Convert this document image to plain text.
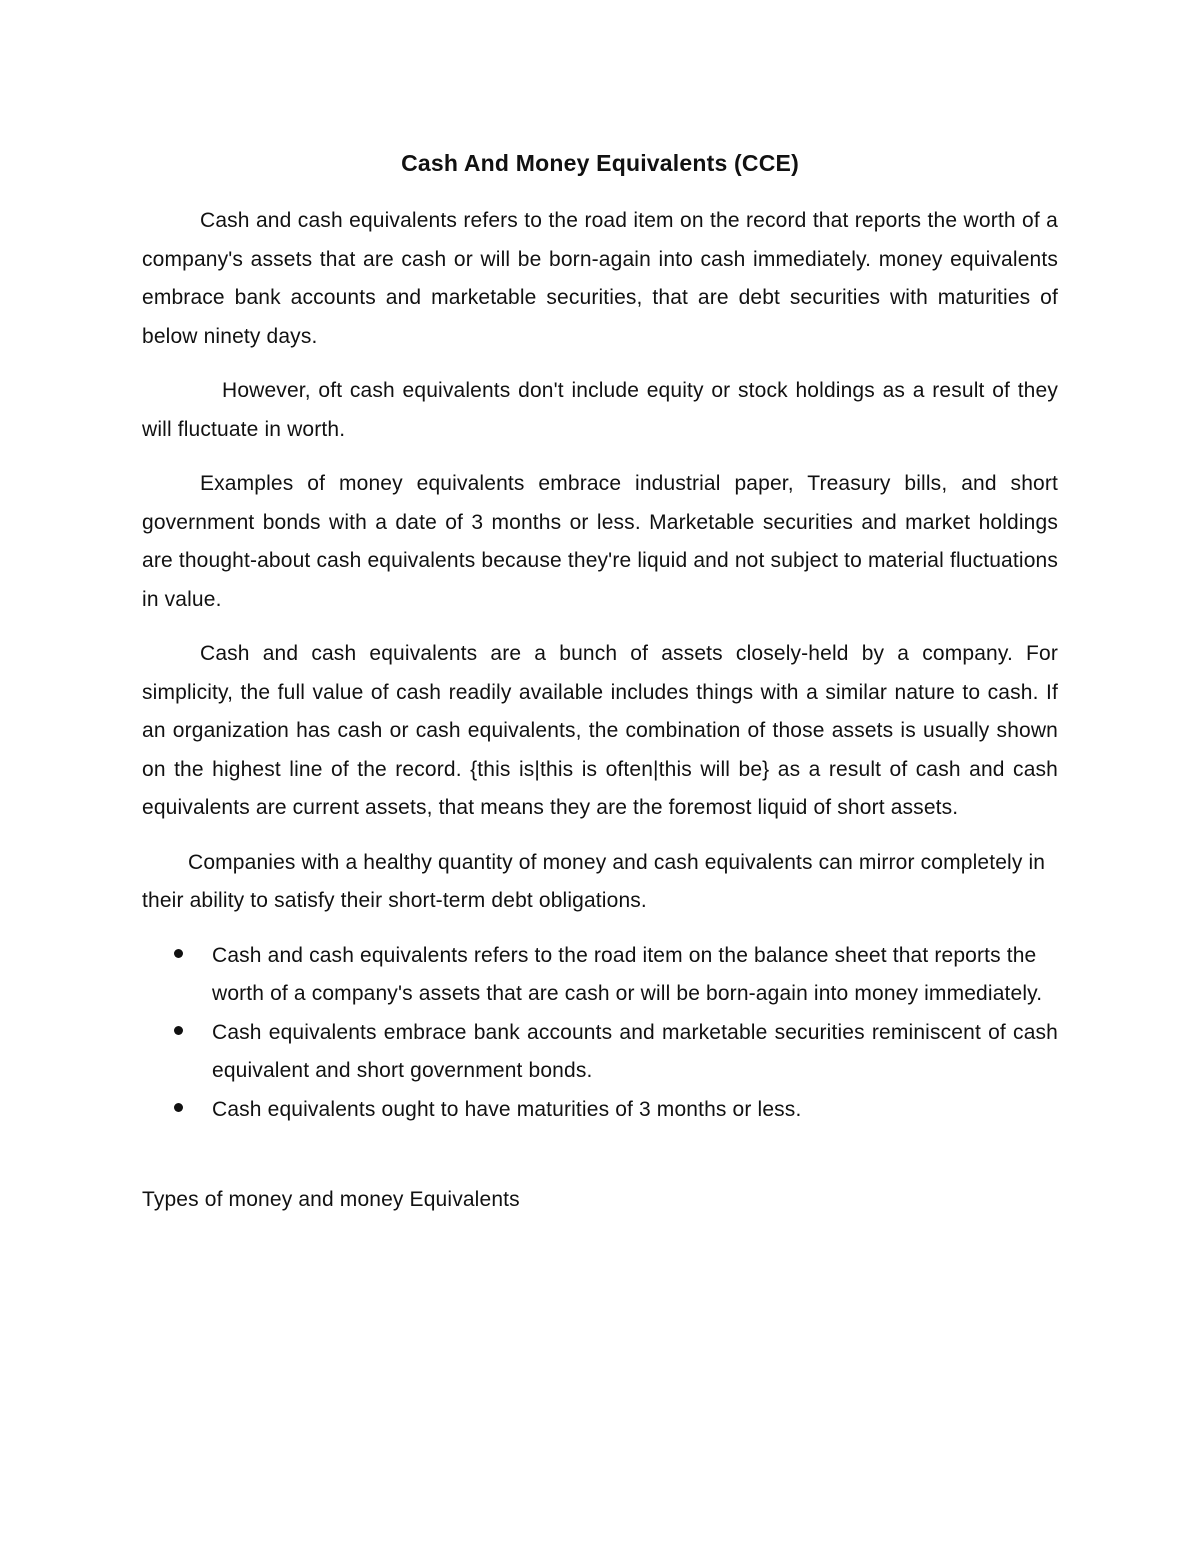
Cash And Money Equivalents (CCE)

Cash and cash equivalents refers to the road item on the record that reports the worth of a company's assets that are cash or will be born-again into cash immediately. money equivalents embrace bank accounts and marketable securities, that are debt securities with maturities of below ninety days.

However, oft cash equivalents don't include equity or stock holdings as a result of they will fluctuate in worth.

Examples of money equivalents embrace industrial paper, Treasury bills, and short government bonds with a date of 3 months or less. Marketable securities and market holdings are thought-about cash equivalents because they're liquid and not subject to material fluctuations in value.

Cash and cash equivalents are a bunch of assets closely-held by a company. For simplicity, the full value of cash readily available includes things with a similar nature to cash. If an organization has cash or cash equivalents, the combination of those assets is usually shown on the highest line of the record. {this is|this is often|this will be} as a result of cash and cash equivalents are current assets, that means they are the foremost liquid of short assets.

Companies with a healthy quantity of money and cash equivalents can mirror completely in their ability to satisfy their short-term debt obligations.

Cash and cash equivalents refers to the road item on the balance sheet that reports the worth of a company's assets that are cash or will be born-again into money immediately.
Cash equivalents embrace bank accounts and marketable securities reminiscent of cash equivalent and short government bonds.
Cash equivalents ought to have maturities of 3 months or less.

Types of money and money Equivalents
